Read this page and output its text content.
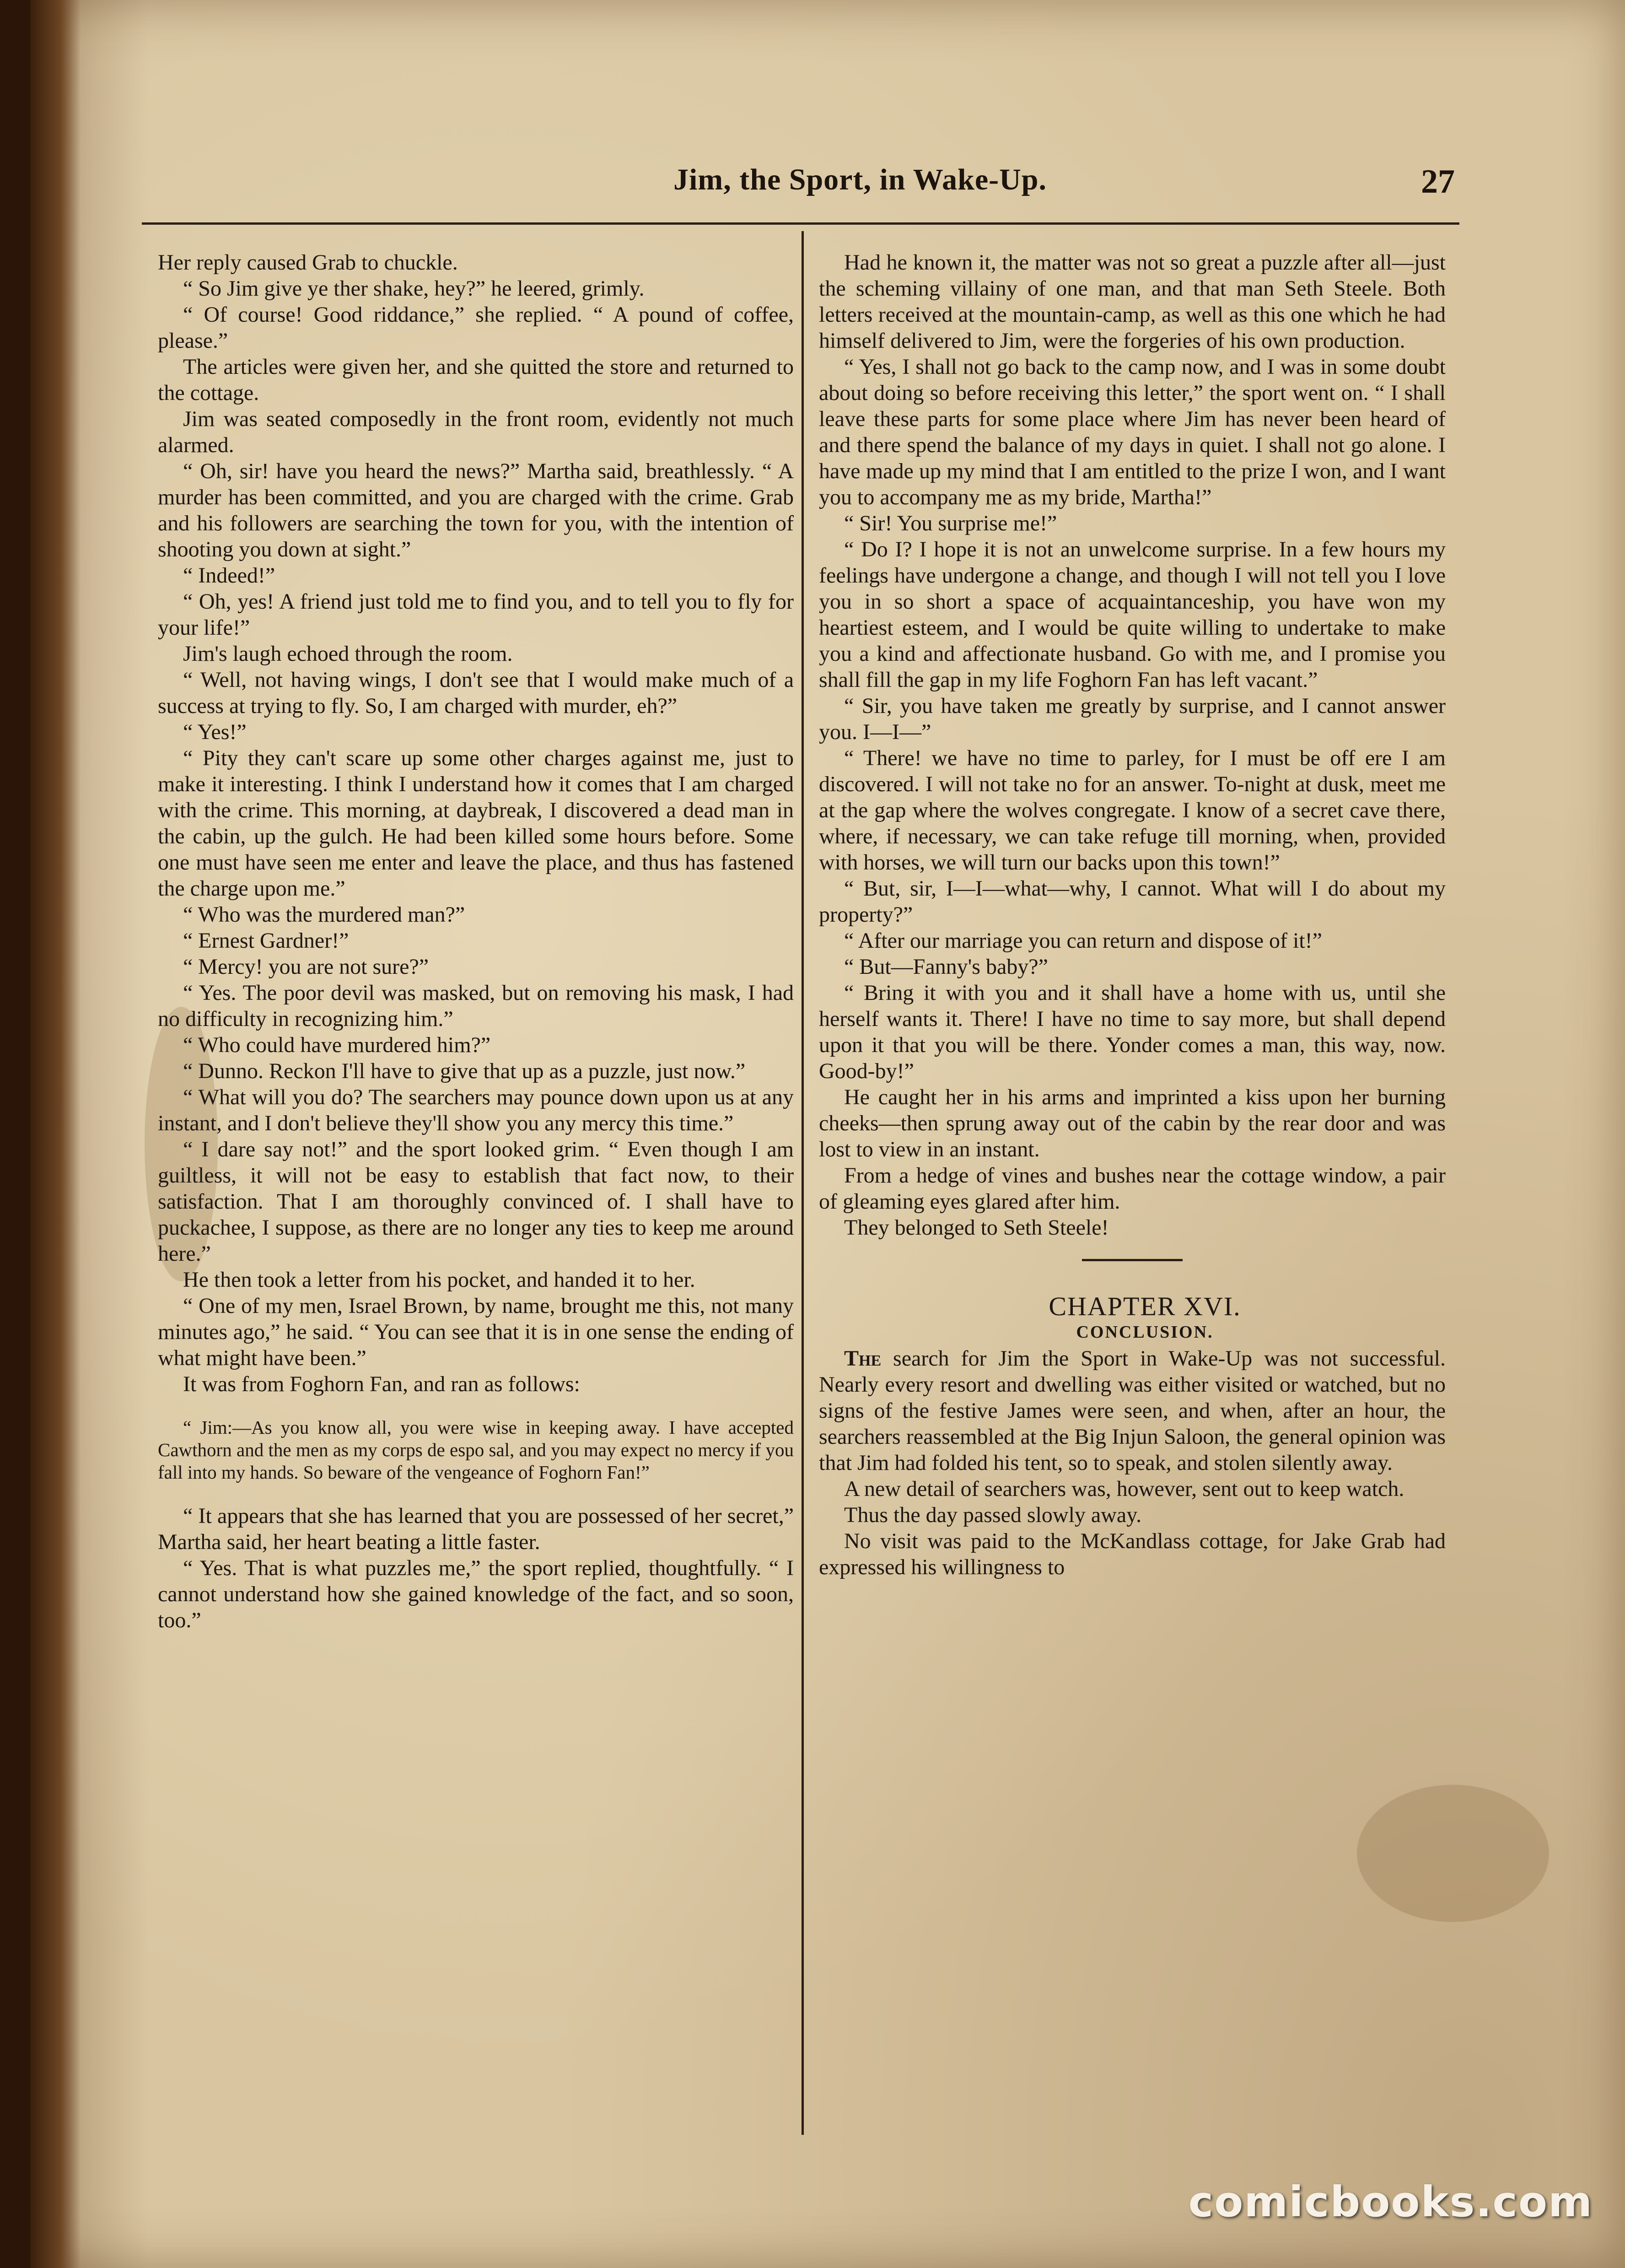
Jim, the Sport, in Wake-Up.	27

Her reply caused Grab to chuckle.

“ So Jim give ye ther shake, hey?” he leered, grimly.

“ Of course! Good riddance,” she replied. “ A pound of coffee, please.”

The articles were given her, and she quitted the store and returned to the cottage.

Jim was seated composedly in the front room, evidently not much alarmed.

“ Oh, sir! have you heard the news?” Martha said, breathlessly. “ A murder has been committed, and you are charged with the crime. Grab and his followers are searching the town for you, with the intention of shooting you down at sight.”

“ Indeed!”

“ Oh, yes! A friend just told me to find you, and to tell you to fly for your life!”

Jim's laugh echoed through the room.

“ Well, not having wings, I don't see that I would make much of a success at trying to fly. So, I am charged with murder, eh?”

“ Yes!”

“ Pity they can't scare up some other charges against me, just to make it interesting. I think I understand how it comes that I am charged with the crime. This morning, at daybreak, I discovered a dead man in the cabin, up the gulch. He had been killed some hours before. Some one must have seen me enter and leave the place, and thus has fastened the charge upon me.”

“ Who was the murdered man?”

“ Ernest Gardner!”

“ Mercy! you are not sure?”

“ Yes. The poor devil was masked, but on removing his mask, I had no difficulty in recognizing him.”

“ Who could have murdered him?”

“ Dunno. Reckon I'll have to give that up as a puzzle, just now.”

“ What will you do? The searchers may pounce down upon us at any instant, and I don't believe they'll show you any mercy this time.”

“ I dare say not!” and the sport looked grim. “ Even though I am guiltless, it will not be easy to establish that fact now, to their satisfaction. That I am thoroughly convinced of. I shall have to puckachee, I suppose, as there are no longer any ties to keep me around here.”

He then took a letter from his pocket, and handed it to her.

“ One of my men, Israel Brown, by name, brought me this, not many minutes ago,” he said. “ You can see that it is in one sense the ending of what might have been.”

It was from Foghorn Fan, and ran as follows:

“ Jim:—As you know all, you were wise in keeping away. I have accepted Cawthorn and the men as my corps de espo sal, and you may expect no mercy if you fall into my hands. So beware of the vengeance of Foghorn Fan!”

“ It appears that she has learned that you are possessed of her secret,” Martha said, her heart beating a little faster.

“ Yes. That is what puzzles me,” the sport replied, thoughtfully. “ I cannot understand how she gained knowledge of the fact, and so soon, too.”

Had he known it, the matter was not so great a puzzle after all—just the scheming villainy of one man, and that man Seth Steele. Both letters received at the mountain-camp, as well as this one which he had himself delivered to Jim, were the forgeries of his own production.

“ Yes, I shall not go back to the camp now, and I was in some doubt about doing so before receiving this letter,” the sport went on. “ I shall leave these parts for some place where Jim has never been heard of and there spend the balance of my days in quiet. I shall not go alone. I have made up my mind that I am entitled to the prize I won, and I want you to accompany me as my bride, Martha!”

“ Sir! You surprise me!”

“ Do I? I hope it is not an unwelcome surprise. In a few hours my feelings have undergone a change, and though I will not tell you I love you in so short a space of acquaintanceship, you have won my heartiest esteem, and I would be quite willing to undertake to make you a kind and affectionate husband. Go with me, and I promise you shall fill the gap in my life Foghorn Fan has left vacant.”

“ Sir, you have taken me greatly by surprise, and I cannot answer you. I—I—”

“ There! we have no time to parley, for I must be off ere I am discovered. I will not take no for an answer. To-night at dusk, meet me at the gap where the wolves congregate. I know of a secret cave there, where, if necessary, we can take refuge till morning, when, provided with horses, we will turn our backs upon this town!”

“ But, sir, I—I—what—why, I cannot. What will I do about my property?”

“ After our marriage you can return and dispose of it!”

“ But—Fanny's baby?”

“ Bring it with you and it shall have a home with us, until she herself wants it. There! I have no time to say more, but shall depend upon it that you will be there. Yonder comes a man, this way, now. Good-by!”

He caught her in his arms and imprinted a kiss upon her burning cheeks—then sprung away out of the cabin by the rear door and was lost to view in an instant.

From a hedge of vines and bushes near the cottage window, a pair of gleaming eyes glared after him.

They belonged to Seth Steele!

CHAPTER XVI.

CONCLUSION.

The search for Jim the Sport in Wake-Up was not successful. Nearly every resort and dwelling was either visited or watched, but no signs of the festive James were seen, and when, after an hour, the searchers reassembled at the Big Injun Saloon, the general opinion was that Jim had folded his tent, so to speak, and stolen silently away.

A new detail of searchers was, however, sent out to keep watch.

Thus the day passed slowly away.

No visit was paid to the McKandlass cottage, for Jake Grab had expressed his willingness to

comicbooks.com
